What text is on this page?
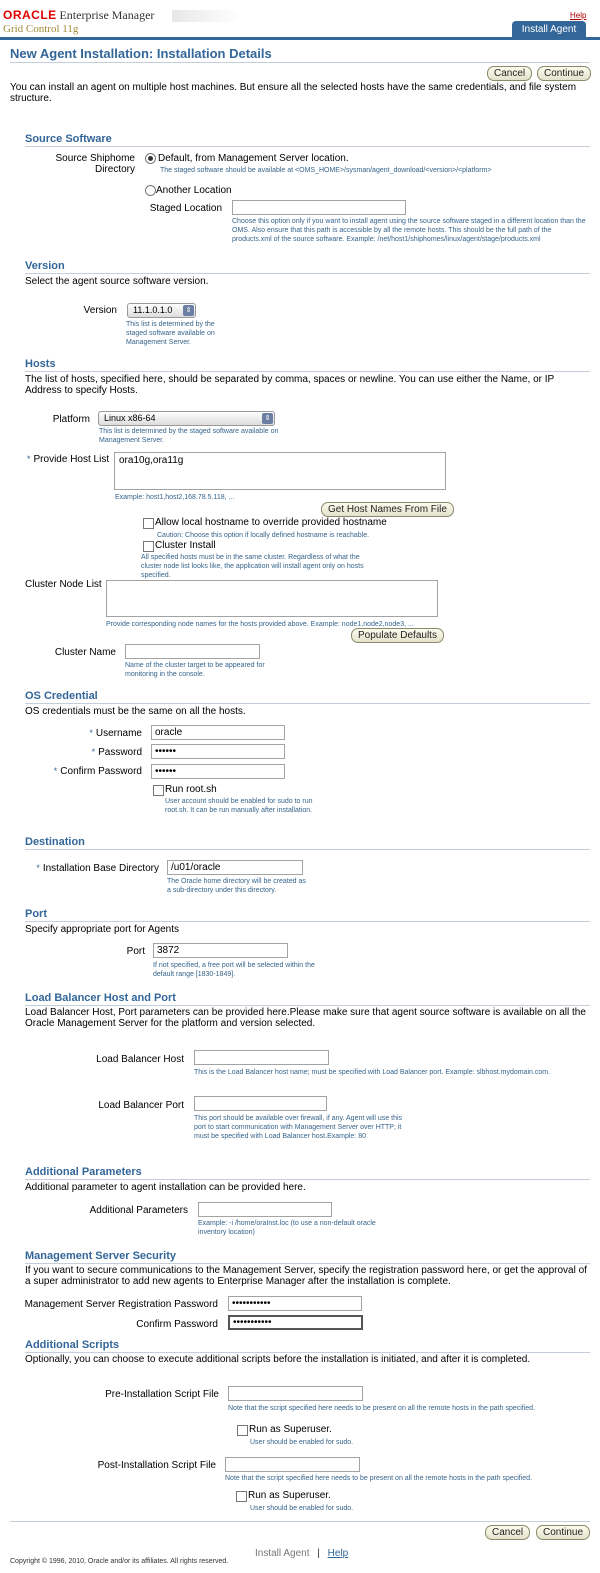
ORACLE Enterprise Manager
Grid Control 11g
Help
Install Agent
New Agent Installation: Installation Details
Cancel	Continue
You can install an agent on multiple host machines. But ensure all the selected hosts have the same credentials, and file system structure.
Source Software
Source Shiphome Directory
Default, from Management Server location.
The staged software should be available at <OMS_HOME>/sysman/agent_download/<version>/<platform>
Another Location
Staged Location
Choose this option only if you want to install agent using the source software staged in a different location than the OMS. Also ensure that this path is accessible by all the remote hosts. This should be the full path of the products.xml of the source software. Example: /net/host1/shiphomes/linux/agent/stage/products.xml
Version
Select the agent source software version.
Version	11.1.0.1.0	⇕
This list is determined by the staged software available on Management Server.
Hosts
The list of hosts, specified here, should be separated by comma, spaces or newline. You can use either the Name, or IP Address to specify Hosts.
Platform	Linux x86-64	⇕
This list is determined by the staged software available on Management Server.
* Provide Host List ora10g,ora11g
Example: host1,host2,168.78.5.118, ...
Get Host Names From File
Allow local hostname to override provided hostname
Caution: Choose this option if locally defined hostname is reachable.
Cluster Install
All specified hosts must be in the same cluster. Regardless of what the cluster node list looks like, the application will install agent only on hosts specified.
Cluster Node List
Provide corresponding node names for the hosts provided above. Example: node1,node2,node3, ...
Populate Defaults
Cluster Name
Name of the cluster target to be appeared for monitoring in the console.
OS Credential
OS credentials must be the same on all the hosts.
* Username
oracle
* Password
••••••
* Confirm Password
••••••
Run root.sh
User account should be enabled for sudo to run root.sh. It can be run manually after installation.
Destination
* Installation Base Directory
/u01/oracle
The Oracle home directory will be created as a sub-directory under this directory.
Port
Specify appropriate port for Agents
Port
3872
If not specified, a free port will be selected within the default range [1830-1849].
Load Balancer Host and Port
Load Balancer Host, Port parameters can be provided here.Please make sure that agent source software is available on all the Oracle Management Server for the platform and version selected.
Load Balancer Host
This is the Load Balancer host name; must be specified with Load Balancer port. Example: slbhost.mydomain.com.
Load Balancer Port
This port should be available over firewall, if any. Agent will use this port to start communication with Management Server over HTTP; it must be specified with Load Balancer host.Example: 80
Additional Parameters
Additional parameter to agent installation can be provided here.
Additional Parameters
Example: -i /home/oraInst.loc (to use a non-default oracle inventory location)
Management Server Security
If you want to secure communications to the Management Server, specify the registration password here, or get the approval of a super administrator to add new agents to Enterprise Manager after the installation is complete.
Management Server Registration Password
•••••••••••
Confirm Password
•••••••••••
Additional Scripts
Optionally, you can choose to execute additional scripts before the installation is initiated, and after it is completed.
Pre-Installation Script File
Note that the script specified here needs to be present on all the remote hosts in the path specified.
Run as Superuser.
User should be enabled for sudo.
Post-Installation Script File
Note that the script specified here needs to be present on all the remote hosts in the path specified.
Run as Superuser.
User should be enabled for sudo.
Cancel	Continue
Install Agent | Help
Copyright © 1996, 2010, Oracle and/or its affiliates. All rights reserved.
